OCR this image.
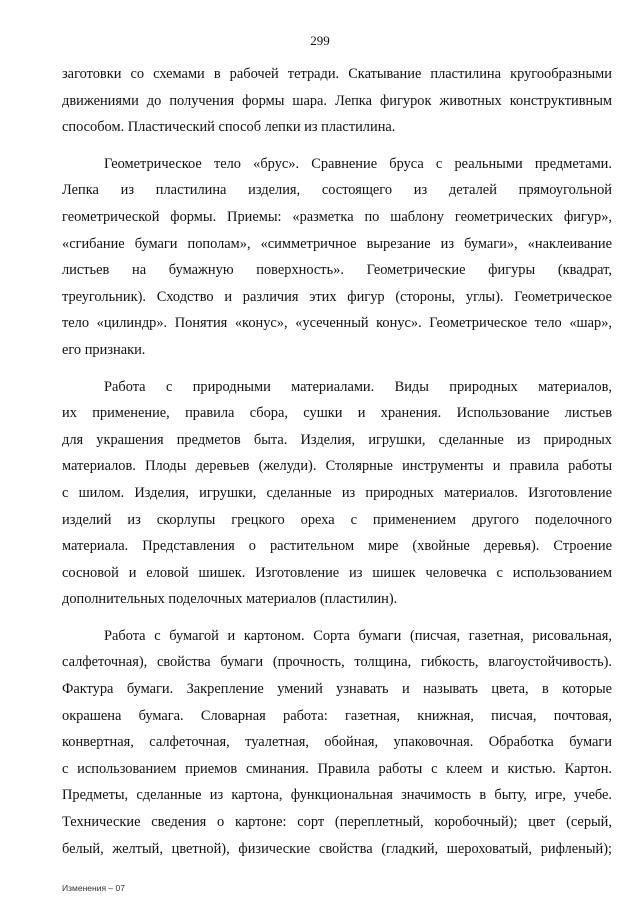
299
заготовки со схемами в рабочей тетради. Скатывание пластилина кругообразными
движениями до получения формы шара. Лепка фигурок животных конструктивным
способом. Пластический способ лепки из пластилина.
Геометрическое тело «брус». Сравнение бруса с реальными предметами.
Лепка из пластилина изделия, состоящего из деталей прямоугольной
геометрической формы. Приемы: «разметка по шаблону геометрических фигур»,
«сгибание бумаги пополам», «симметричное вырезание из бумаги», «наклеивание
листьев на бумажную поверхность». Геометрические фигуры (квадрат,
треугольник). Сходство и различия этих фигур (стороны, углы). Геометрическое
тело «цилиндр». Понятия «конус», «усеченный конус». Геометрическое тело «шар»,
его признаки.
Работа с природными материалами. Виды природных материалов,
их применение, правила сбора, сушки и хранения. Использование листьев
для украшения предметов быта. Изделия, игрушки, сделанные из природных
материалов. Плоды деревьев (желуди). Столярные инструменты и правила работы
с шилом. Изделия, игрушки, сделанные из природных материалов. Изготовление
изделий из скорлупы грецкого ореха с применением другого поделочного
материала. Представления о растительном мире (хвойные деревья). Строение
сосновой и еловой шишек. Изготовление из шишек человечка с использованием
дополнительных поделочных материалов (пластилин).
Работа с бумагой и картоном. Сорта бумаги (писчая, газетная, рисовальная,
салфеточная), свойства бумаги (прочность, толщина, гибкость, влагоустойчивость).
Фактура бумаги. Закрепление умений узнавать и называть цвета, в которые
окрашена бумага. Словарная работа: газетная, книжная, писчая, почтовая,
конвертная, салфеточная, туалетная, обойная, упаковочная. Обработка бумаги
с использованием приемов сминания. Правила работы с клеем и кистью. Картон.
Предметы, сделанные из картона, функциональная значимость в быту, игре, учебе.
Технические сведения о картоне: сорт (переплетный, коробочный); цвет (серый,
белый, желтый, цветной), физические свойства (гладкий, шероховатый, рифленый);
Изменения – 07
